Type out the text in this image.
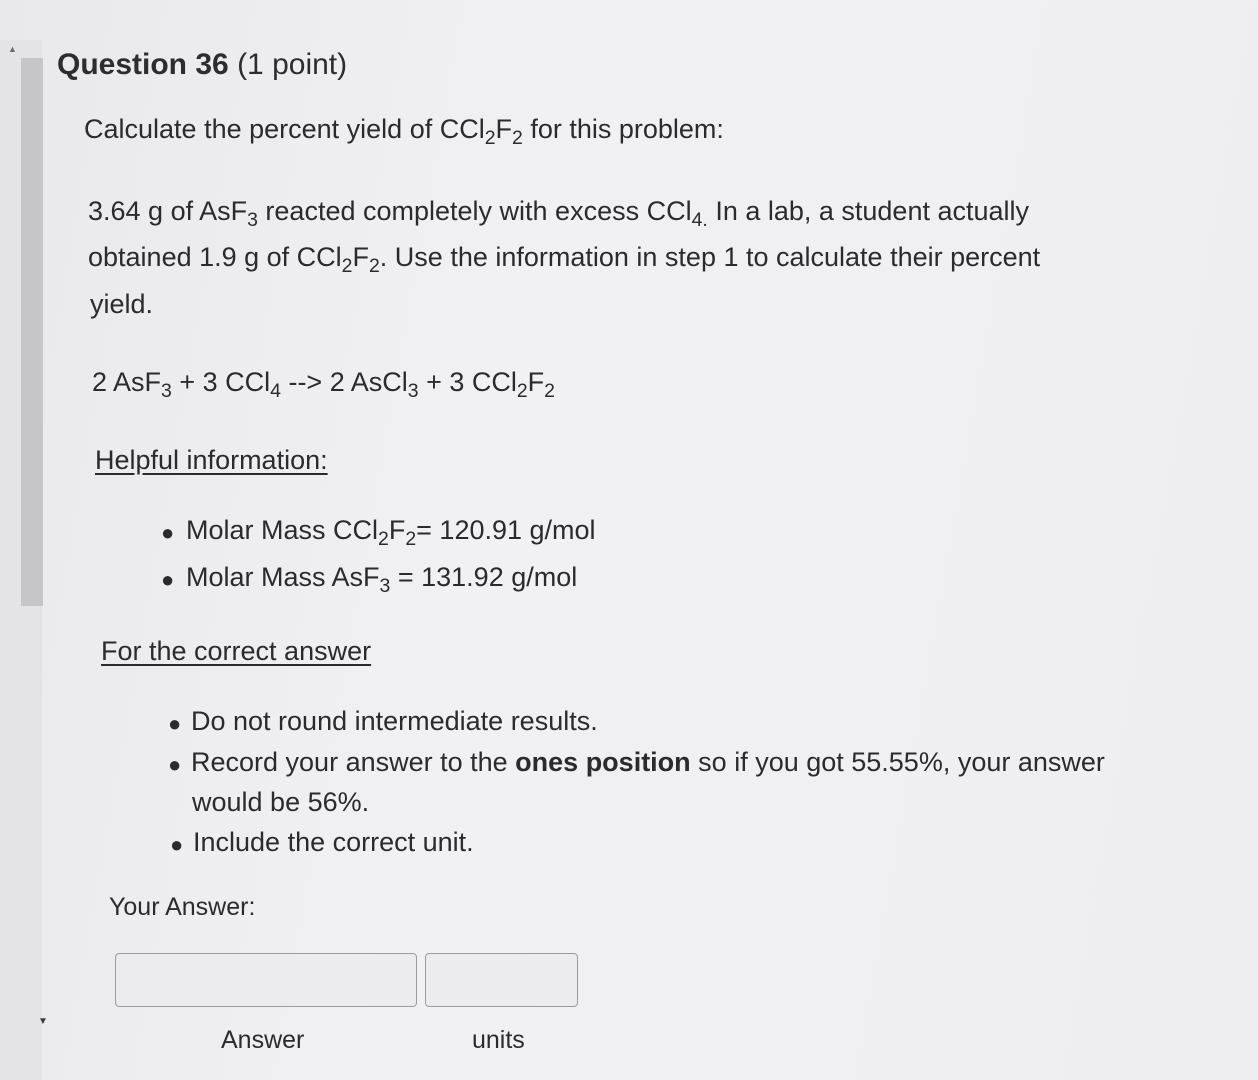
▲
▼
Question 36 (1 point)
Calculate the percent yield of $CCl_2F_2$ for this problem:
3.64 g of AsF$_3$ reacted completely with excess CCl$_{4.}$ In a lab, a student actually
obtained 1.9 g of $CCl_2F_2$. Use the information in step 1 to calculate their percent
yield.
2 AsF$_3$ + 3 CCl$_4$ --> 2 AsCl$_3$ + 3 $CCl_2F_2$
Helpful information:
● Molar Mass $CCl_2F_2= 120.91$ g/mol
● Molar Mass AsF$_3$ = 131.92 g/mol
For the correct answer
● Do not round intermediate results.
● Record your answer to the ones position so if you got 55.55%, your answer
would be 56%.
● Include the correct unit.
Your Answer:
Answer	units
